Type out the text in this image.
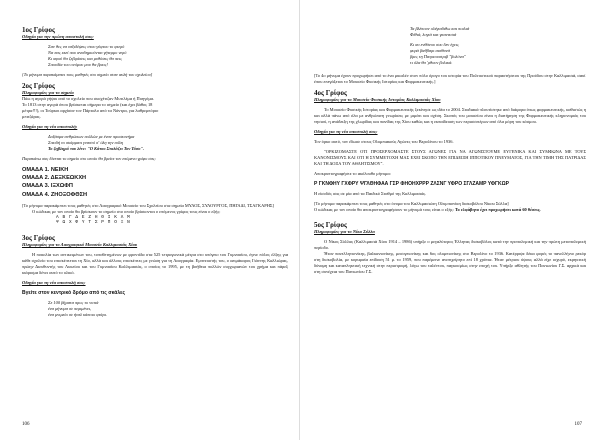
1ος Γρίφος
Οδηγία για την πρώτη αποστολή σας:
Σαν θες να ταξιδέψεις στου γύφτου το φτερό
Να πας εκεί που αναδημιούνται γήτερμο νερό
Κι αφού θα ζεβιρίσεις και μυθίσεις θα πεις
Σπουδία του ονόμου μου θα βρεις!

[Το μήνυμα παρακάμπτει τους μαθητές στο σημείο σταν αυλή του σχολείου]

2ος Γρίφος
Πληροφορίες για το σημείο
Πάω η αγορά γήψιυ από το σχολείο που συσχέτιζαν Μυτιλέμα ή Πυηγόμα.
Το 1813 στην αγορά όπου βρίσκεται σήμερα το σημείο (και έχει βάθος 18
μέτρα!!!), οι Τούρκοι αρχίσαν τον Πάρταλο από τα Νάντρα, για λαθρεμπόριο
μπιτζάρας.
Οδηγία για τη νέα αποστολή:
Δοξάσμα ανθρώπων πολλών με έναν προσκυνήμα
Σπειδή το σκάμματι γναστό σ' όλη την πόλη
Το ζηβληρό του λένε: "Ο Κάτου Σταλάζει Τον Τόσο".

Παρακάτω σας δίνεται το σημείο στο οποίο θα βρείτε τον επόμενο γρίφο σας:

ΟΜΑΔΑ 1. ΝΕΙΚΗ
ΟΜΑΔΑ 2. ΔΕΞΚΕΩΚΧΗ
ΟΜΑΔΑ 3. ΙΞΧΩΦΠ
ΟΜΑΔΑ 4. ΖΗΟΞΟΦΘΣΗ

[Το μήνυμα παρακάμπτει τους μαθητές στο Λαογραφικό Μουσείο του Σχολείου στα σημεία ΜΥΛΟΣ, ΣΥΛΟΥΡΓΟΣ, ΠΗΓΑΔΙ, ΤΣΑΓΚΑΡΗΣ]

Ο κώδικας με τον οποίο θα βρίσκουν το σημείο στο οποίο βρίσκονται ο επόμενος γρίφος τους είναι ο εξής:

Α Β Γ Δ Ε Ζ Η Θ Ι Κ Λ Μ
Ψ Ω Χ Φ Υ Τ Σ Ρ Π Ο Ξ Ν
3ος Γρίφος
Πληροφορίες για το Λαογραφικό Μουσείο Καλλιμασιάς Χίου

Η ποικιλία των αντικειμένων του, τοποθετημένων με φροντίδα στα 525 τετραγωνικά μέτρα στο υπόγειο του Γυμνασίου, έγινε πόλος έλξης για κάθε σχολείο του επισκέπτεται τη Χίο, αλλά και άλλους επισκέπτες με γνώση για τη Λαογραφία. Εμπνευστής του, ο αειμάκαρος Γιάννης Καλλιώρας, πρώην Διευθυντής του Λυκείου και του Γυμνασίου Καλλιμασιάς, ο οποίος το 1995, με τη βοήθεια πολλών συγχωριανών του χρήμα και πάρεξ κιάρισμα δένει αυτό το υλικό.

Οδηγία για τη νέα αποστολή σας:
Βγείτε στον κεντρικό δρόμο από τις σκάλες
Σε 100 βήματα προς το νοτιά
ένα μήνυμα σε περιμένει,
ένα μνιμείο σε ήταλ κάποιο φτάρι.
106
Τα βλέπουν ολέγιαδιθω και ποιλιά
Φίθιά, λογιά και γκανιτσιά
Κι αυ ενθάνου σου δεν έχεις
φυρά βαθβαρι αισθανά
βρες τη Πατρεουστριβ "βολόνα"
τι όλα θα 'ρθουν βολικά.

[Το 4ο μήνυμα έχουν προχωρήσει από το ένα μικαλέν στον πόλο όρογο του ιστορία του Πολιτιστικού παραστήσιτου της Προόδου στην Καλλιμασιά, σαυί έπου επεγάξεται το Μουσείο Φυσικής Ιστορίας και Φαρμακευτικής.]

4ος Γρίφος
Πληροφορίες για το Μουσείο Φυσικής Ιστορίας Καλλιμασιάς Χίου

Το Μουσείο Φυσικής Ιστορίας και Φαρμακευτικής ξεκίνησε ως ιδέα το 2004. Σταδιακά πλουτίστηκε από διάφορα όπως φαρμακευτικής, καθιστώς η και αλλά πάνω από όλα με ανθρώπινη γνωρίσεις με μιμάτι και σχέση. Σκοπός του μουσείου είναι η διατήρηση της Φαρμακευτικής κληρονομιάς του νησιού, η ανάδειξη της χλωρίδας και πανίδας της Χίου καθώς και η εκπαίδευση των περισσοτέρων από όλα μόρη του κόσμου.

Οδηγία για τη νέα αποστολή σας:

Τον όρκο αυτό, τον έδωσε στους Ολυμπιακούς Αγώνες του Βερολίνου το 1936.

"ΟΡΚΙΖΟΜΑΣΤΕ ΟΤΙ ΠΡΟΣΕΡΧΟΜΑΣΤΕ ΣΤΟΥΣ ΑΓΩΝΕΣ ΓΙΑ ΝΑ ΑΓΩΝΙΣΤΟΥΜΕ ΕΥΓΕΝΙΚΑ ΚΑΙ ΣΥΜΦΩΝΑ ΜΕ ΤΟΥΣ ΚΑΝΟΝΙΣΜΟΥΣ ΚΑΙ ΟΤΙ Η ΣΥΜΜΕΤΟΧΗ ΜΑΣ ΕΧΕΙ ΣΚΟΠΟ ΤΗΝ ΕΠΙΔΕΙΞΗ ΙΠΠΟΤΙΚΟΥ ΠΝΕΥΜΑΤΟΣ, ΓΙΑ ΤΗΝ ΤΙΜΗ ΤΗΣ ΠΑΤΡΙΔΑΣ ΚΑΙ ΤΗ ΔΟΞΑ ΤΟΥ ΑΘΛΗΤΙΣΜΟΥ".

Αποκρυπτογραφήστε το ακόλουθο μήνυμα:

Ρ ΓΚΝΦΗΥ ΓΧΦΡΥ ΨΓΛΘΗΦΑΑ ΓΣΡ ΦΗΟΗΧΡΡΡ ΖΛΣΝΓ ΥΦΡΟ ΣΓΛΖΑΜΡ ΥΦΓΚΩΡ

Η είσοδός σας σε μία από τα Παιδικό Σταθμό της Καλλιμασιάς.

[Το μήνυμα παρακάμπτει τους μαθητές στο όνομα του Καλλιμασιώτη Ολυμπιονίκη δισκοβόλου Νίκου Σύλλα]

Ο κώδικας με τον οποίο θα αποκρυπτογραφήσουν το μήνυμά τους είναι ο εξής: Το ελφάβητο έχει προχωρήσει κατά 60 θέσεις.

5ος Γρίφος
Πληροφορίες για το Νίκο Σύλλα

Ο Νίκος Σύλλας (Καλλιμασιά Χίου 1914 – 1986) υπήρξε ο μεγαλύτερος Έλληνας δισκοβόλος κατά την προπολεμική και την πρώτη μεταπολεμική περίοδο.

Ήταν πανελληνιονίκης, βαλκανιονίκης, μεσογειονίκης και 6ος ολυμπιονίκης στο Βερολίνο το 1936. Κατέρριψε δέκα φορές το πανελλήνιο ρεκόρ στη δισκοβολία, με κορυφαία επίδοση 51 μ. το 1959, που παρέμεινε ανεπιχείρητο επί 18 χρόνια. Ήταν μέτριου ύψους αλλά είχε ισχυρό, εκρηκτική δύναμη και καταπληκτική τεχνική στην περιστροφή, λόγω του ταλέντου, παγκοσμίως στην εποχή του. Υπήρξε αθλητής του Πανιωνίου Γ.Σ. αρχικά και στη συνέχεια του Πανιωνίου Γ.Σ.

107
